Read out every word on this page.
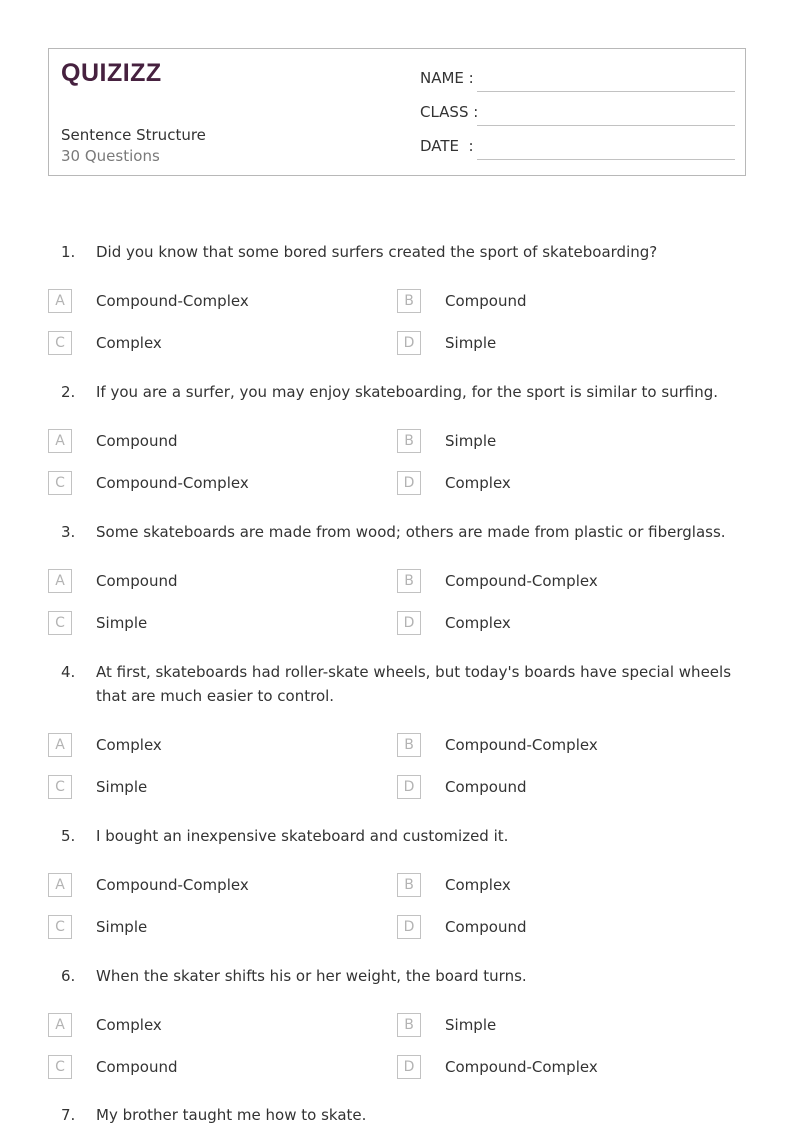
QUIZIZZ
Sentence Structure
30 Questions
NAME :
CLASS :
DATE  :
1. Did you know that some bored surfers created the sport of skateboarding?
A	Compound-Complex	B	Compound
C	Complex	D	Simple
2. If you are a surfer, you may enjoy skateboarding, for the sport is similar to surfing.
A	Compound	B	Simple
C	Compound-Complex	D	Complex
3. Some skateboards are made from wood; others are made from plastic or fiberglass.
A	Compound	B	Compound-Complex
C	Simple	D	Complex
4. At first, skateboards had roller-skate wheels, but today's boards have special wheels that are much easier to control.
A	Complex	B	Compound-Complex
C	Simple	D	Compound
5. I bought an inexpensive skateboard and customized it.
A	Compound-Complex	B	Complex
C	Simple	D	Compound
6. When the skater shifts his or her weight, the board turns.
A	Complex	B	Simple
C	Compound	D	Compound-Complex
7. My brother taught me how to skate.
